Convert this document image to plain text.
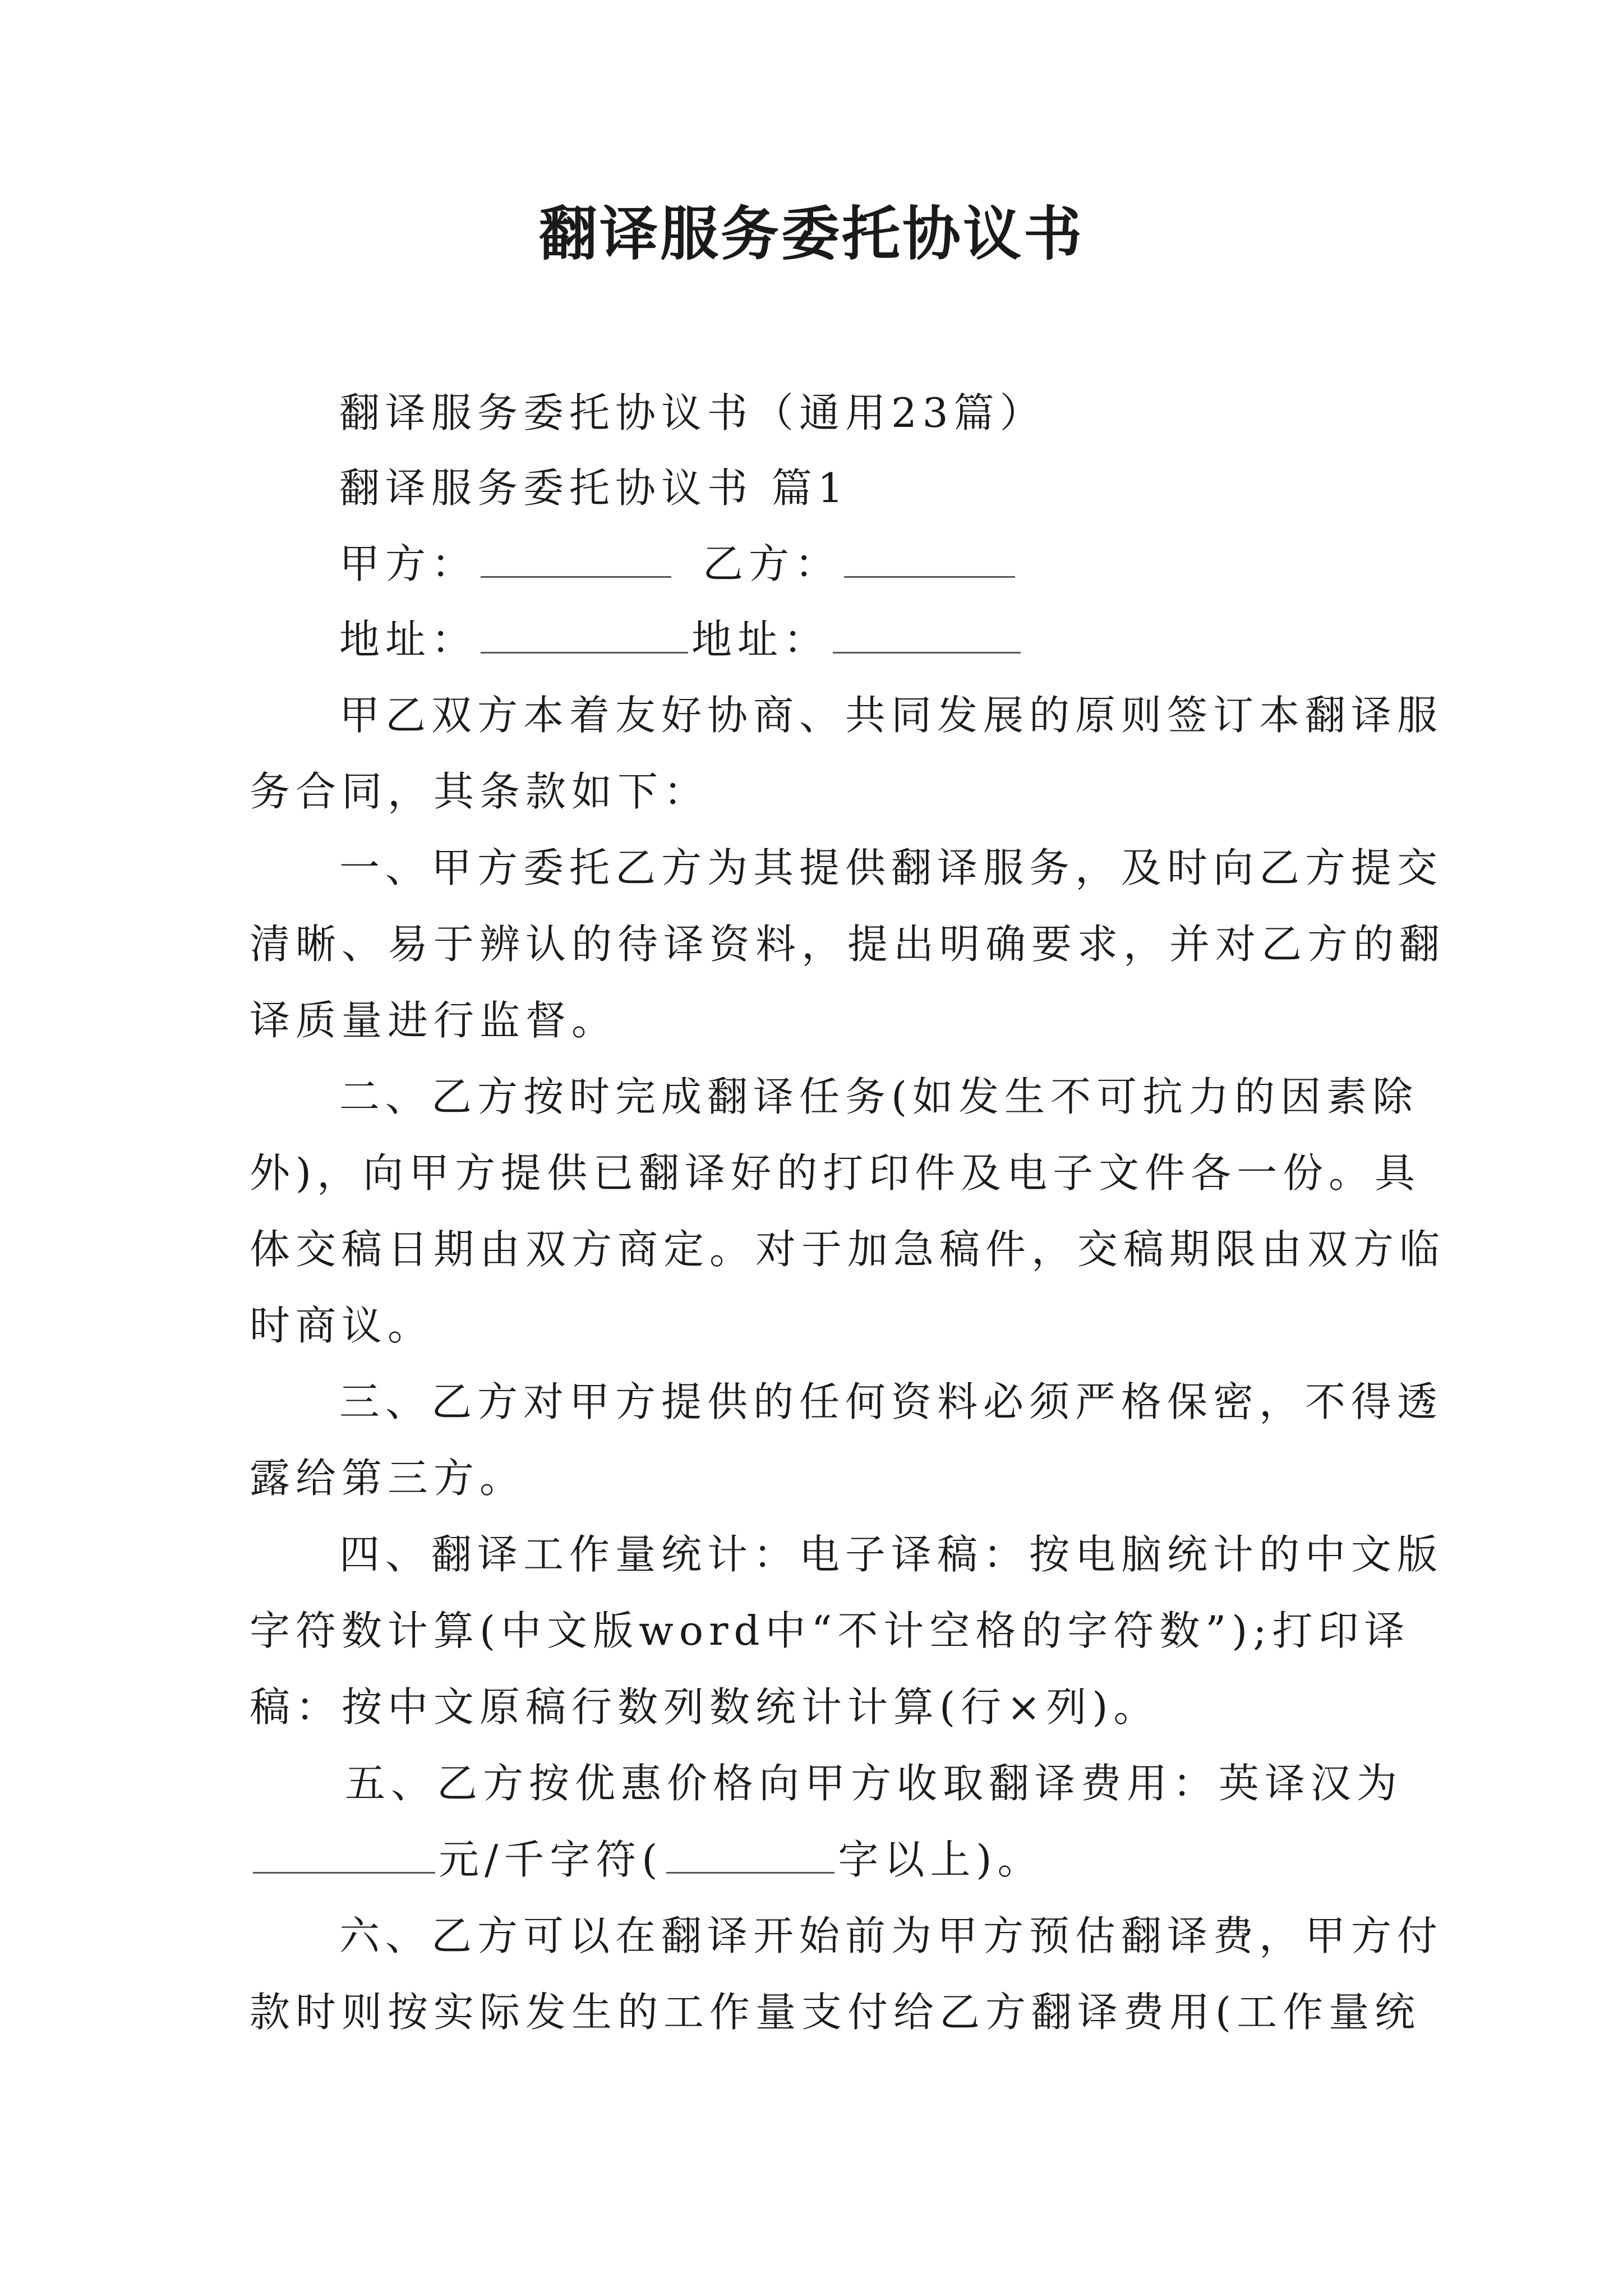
翻译服务委托协议书
翻译服务委托协议书（通用23篇）
翻译服务委托协议书 篇1
甲方：	乙方：
地址：	地址：
甲乙双方本着友好协商、共同发展的原则签订本翻译服
务合同，其条款如下：
一、甲方委托乙方为其提供翻译服务，及时向乙方提交
清晰、易于辨认的待译资料，提出明确要求，并对乙方的翻
译质量进行监督。
二、乙方按时完成翻译任务(如发生不可抗力的因素除
外)，向甲方提供已翻译好的打印件及电子文件各一份。具
体交稿日期由双方商定。对于加急稿件，交稿期限由双方临
时商议。
三、乙方对甲方提供的任何资料必须严格保密，不得透
露给第三方。
四、翻译工作量统计：电子译稿：按电脑统计的中文版
字符数计算(中文版word中“不计空格的字符数”);打印译
稿：按中文原稿行数列数统计计算(行×列)。
五、乙方按优惠价格向甲方收取翻译费用：英译汉为
元/千字符(	字以上)。
六、乙方可以在翻译开始前为甲方预估翻译费，甲方付
款时则按实际发生的工作量支付给乙方翻译费用(工作量统
